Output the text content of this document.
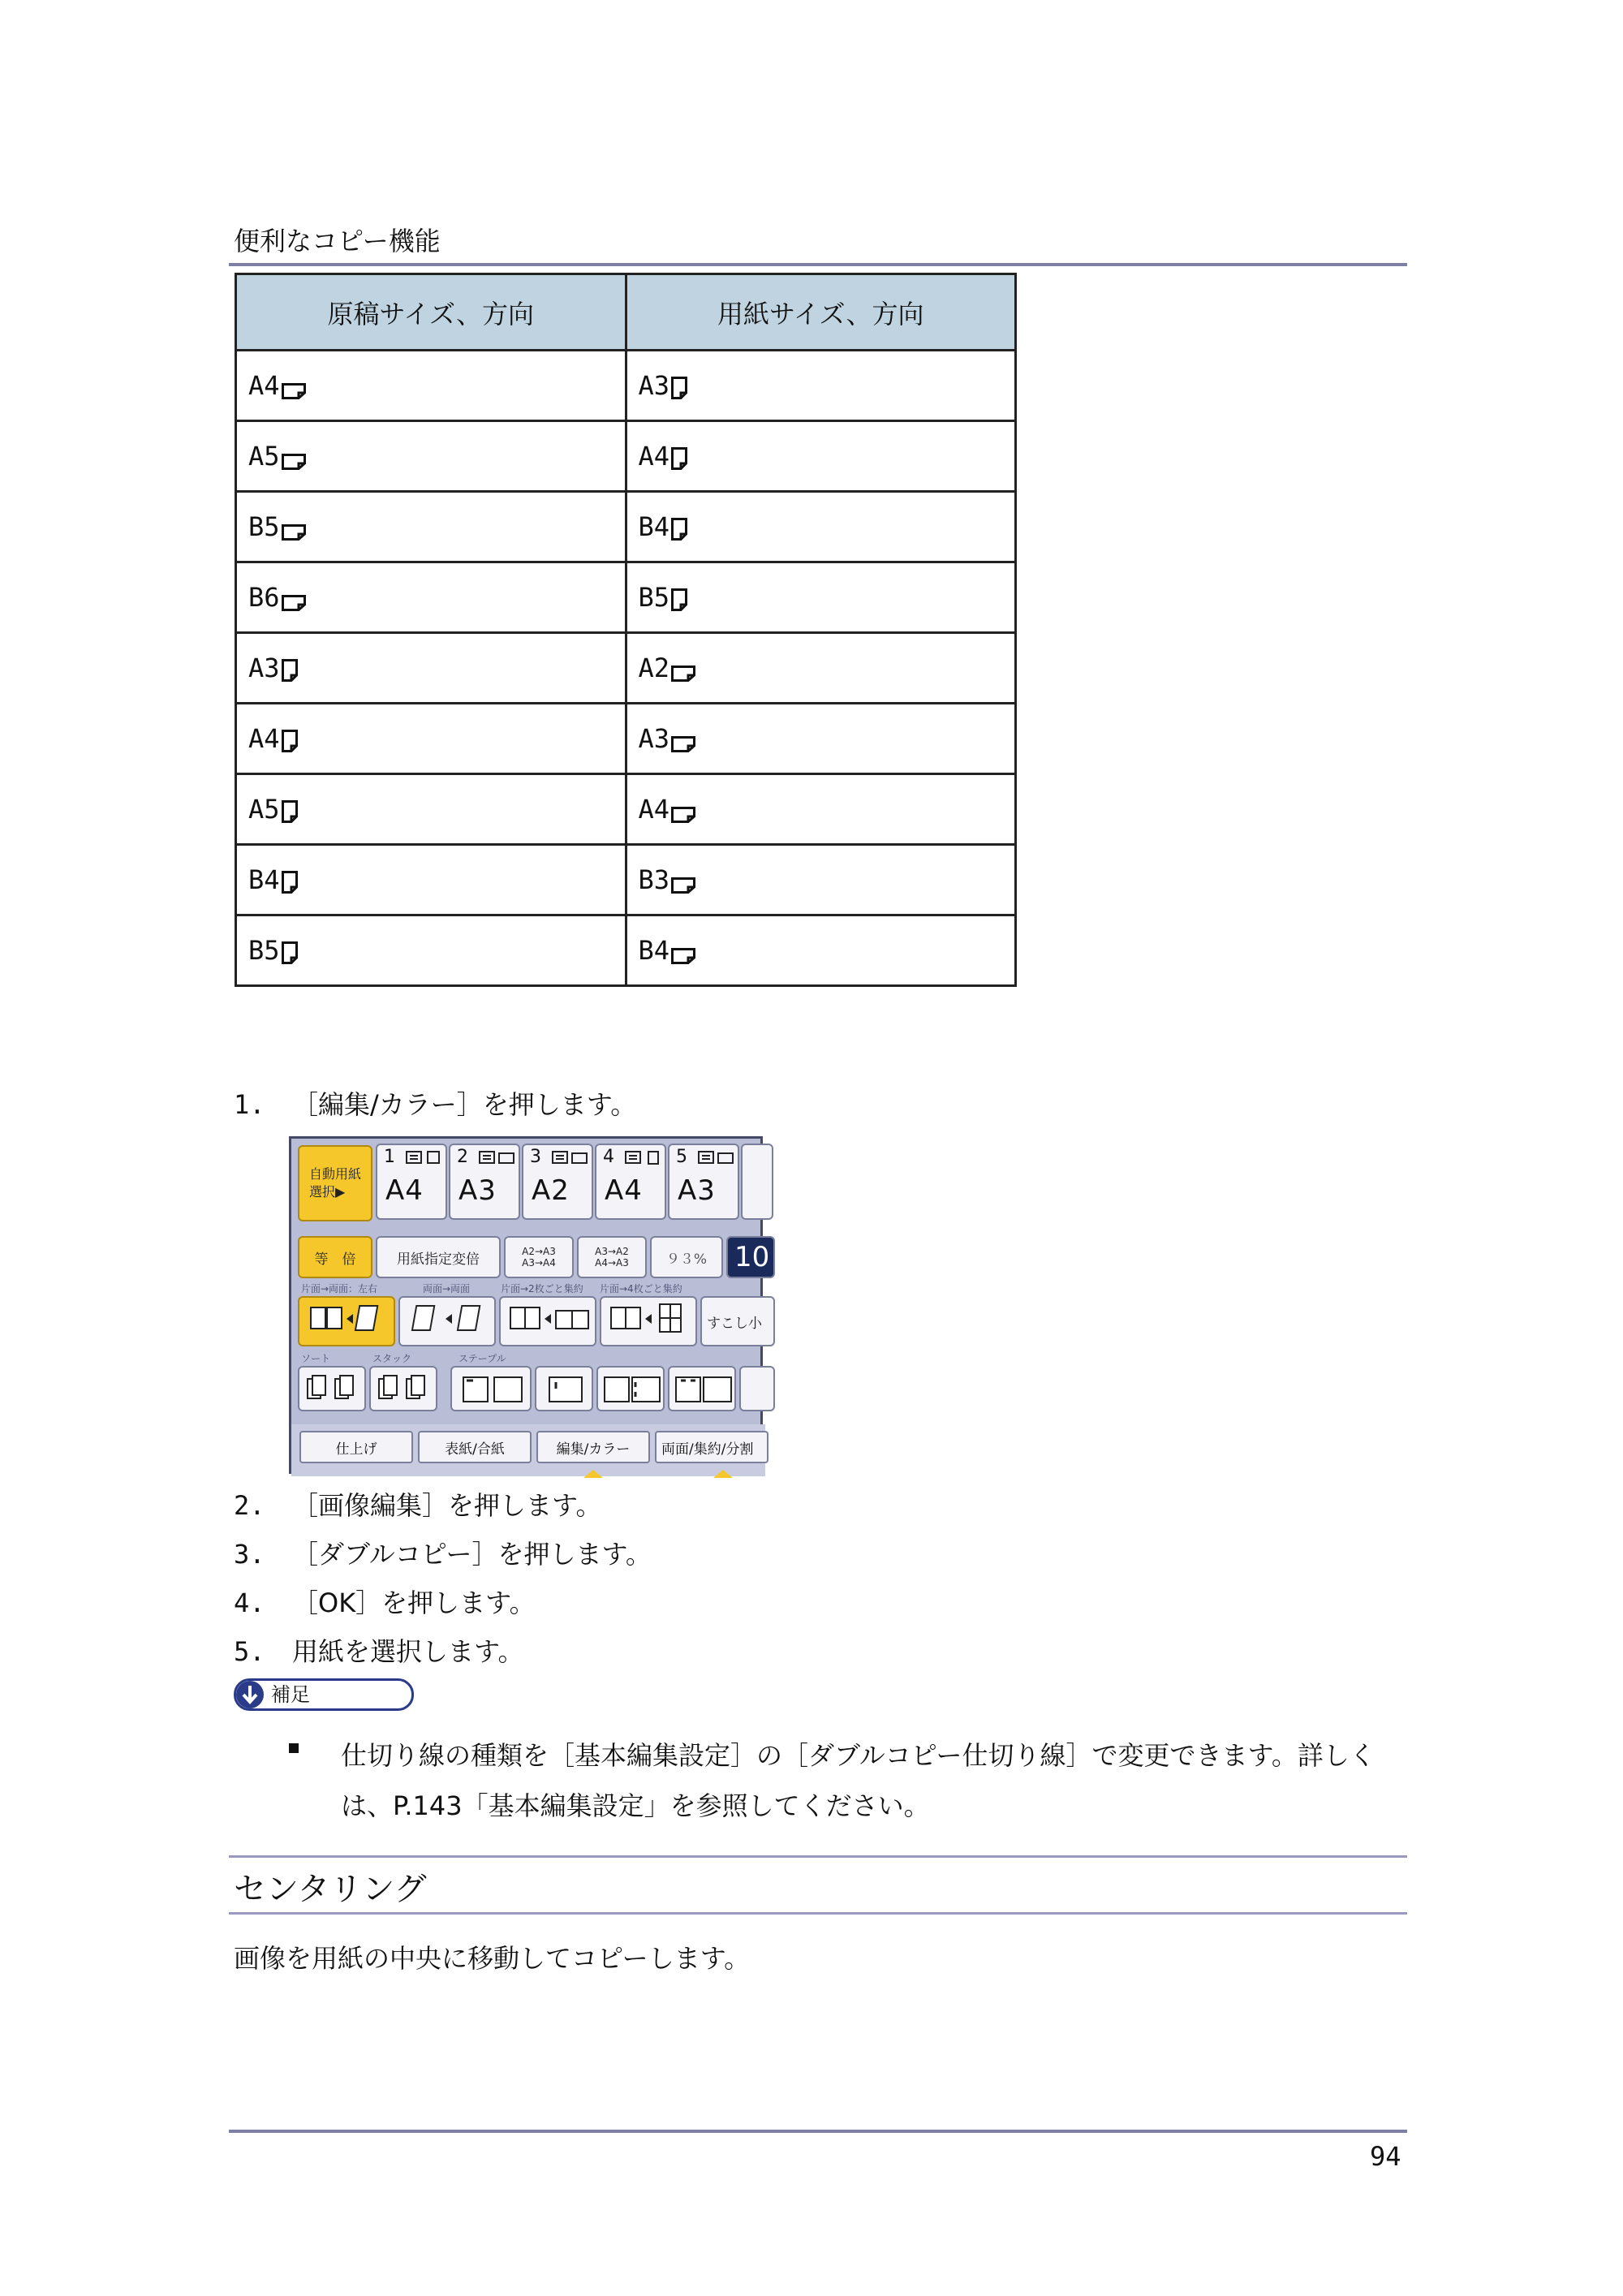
便利なコピー機能
原稿サイズ、方向	用紙サイズ、方向
A4	A3

A5	A4

B5	B4

B6	B5

A3	A2

A4	A3

A5	A4

B4	B3

B5	B4
1. ［編集/カラー］を押します。
自動用紙
選択▶
1
A4
2
A3
3
A2
4
A4
5
A3
等　倍	用紙指定変倍	A2→A3
A3→A4
A3→A2
A4→A3	９３% 10
片面→両面：左右	両面→両面	片面→2枚ごと集約 片面→4枚ごと集約
すこし小
ソート	スタック	ステープル
仕上げ	表紙/合紙	編集/カラー	両面/集約/分割
2. ［画像編集］を押します。
3. ［ダブルコピー］を押します。
4. ［OK］を押します。
5. 用紙を選択します。
補足
仕切り線の種類を［基本編集設定］の［ダブルコピー仕切り線］で変更できます。詳しくは、P.143「基本編集設定」を参照してください。
センタリング
画像を用紙の中央に移動してコピーします。
94
